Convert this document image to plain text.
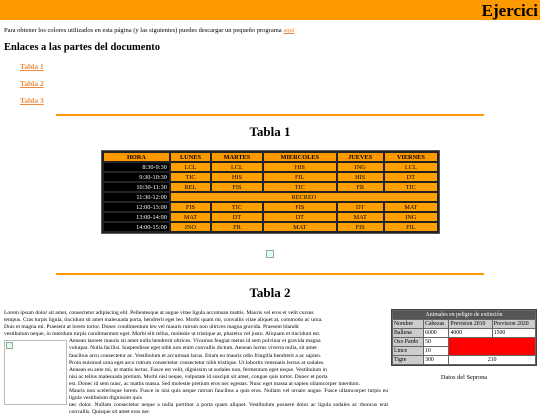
Ejercici

Para obtener los colores utilizados en esta página (y las siguientes) puedes descargar un pequeño programa aquí

Enlaces a las partes del documento
Tabla 1
Tabla 2
Tabla 3
Tabla 1
HORA	LUNES	MARTES	MIERCOLES	JUEVES	VIERNES
8:30-9:30	LCL	LCL	HIS	ING	LCL
9:30-10:30	TIC	HIS	FIL	HIS	DT
10:30-11:30	REL	FIS	TIC	FR	TIC
11:30-12:00	RECREO				
12:00-13:00	FIS	TIC	FIS	DT	MAT
13:00-14:00	MAT	DT	DT	MAT	ING
14:00-15:00	INO	FR	MAT	FIS	FIL
Tabla 2
Lorem ipsum dolor sit amet, consectetur adipiscing elit. Pellentesque at augue vitae ligula accumsan mattis. Mauris vel eros et velit cursus
tempus. Cras turpis ligula, tincidunt sit amet malesuada porta, hendrerit eget leo. Morbi quam mi, convallis vitae aliquet at, commodo ac urna.
Duis et magna mi. Praesent at lorem tortor. Donec condimentum leo vel mauris rutrum non ultrices magna gravida. Praesent blandit
vestibulum neque, in interdum turpis condimentum eget. Morbi elit tellus, molestie ut tristique at, pharetra vel justo. Aliquam et tincidunt est.
Aenean laoreet mauris sit amet nulla hendrerit ultrices. Vivamus feugiat metus id sem pulvinar et gravida magna
volutpat. Nulla facilisi. Suspendisse eget nibh non enim convallis dictum. Aenean luctus viverra nulla, sit amet
faucibus arcu consectetur ac. Vestibulum et accumsan lacus. Etiam eu mauris odio fringilla hendrerit a ac sapien.
Proin euismod urna eget arcu rutrum consectetur consectetur nibh tristique. Ut lobortis venenatis lectus at sodales.
Aenean eu ante mi, ut mattis lectus. Fusce est velit, dignissim ut sodales non, fermentum eget neque. Vestibulum in
nisi ac tellus malesuada pretium. Morbi nisl neque, vulputate id suscipit sit amet, congue quis tortor. Donec et porta
est. Donec id sem nunc, ac mattis massa. Sed molestie pretium eros nec egestas. Nunc eget massa at sapien ullamcorper interdum.
Mauris non scelerisque lorem. Fusce in nisi quis neque rutrum faucibus a quis eros. Nullam vel ornare augue. Fusce ullamcorper turpis eu ligula vestibulum dignissim quis
nec dolor. Nullam consectetur neque a nulla porttitor a porta quam aliquet. Vestibulum posuere dolor ac ligula sodales ac rhoncus erat convallis. Quisque sit amet eros nec
Animales en peligro de extinción			
Nombre	Cabezas	Prevision 2010	Prevision 2020
Ballena	6000	4000	1500
Oso Pardo	50	0	
Lince	10		
Tigre	300	210	
Datos del Seprona
